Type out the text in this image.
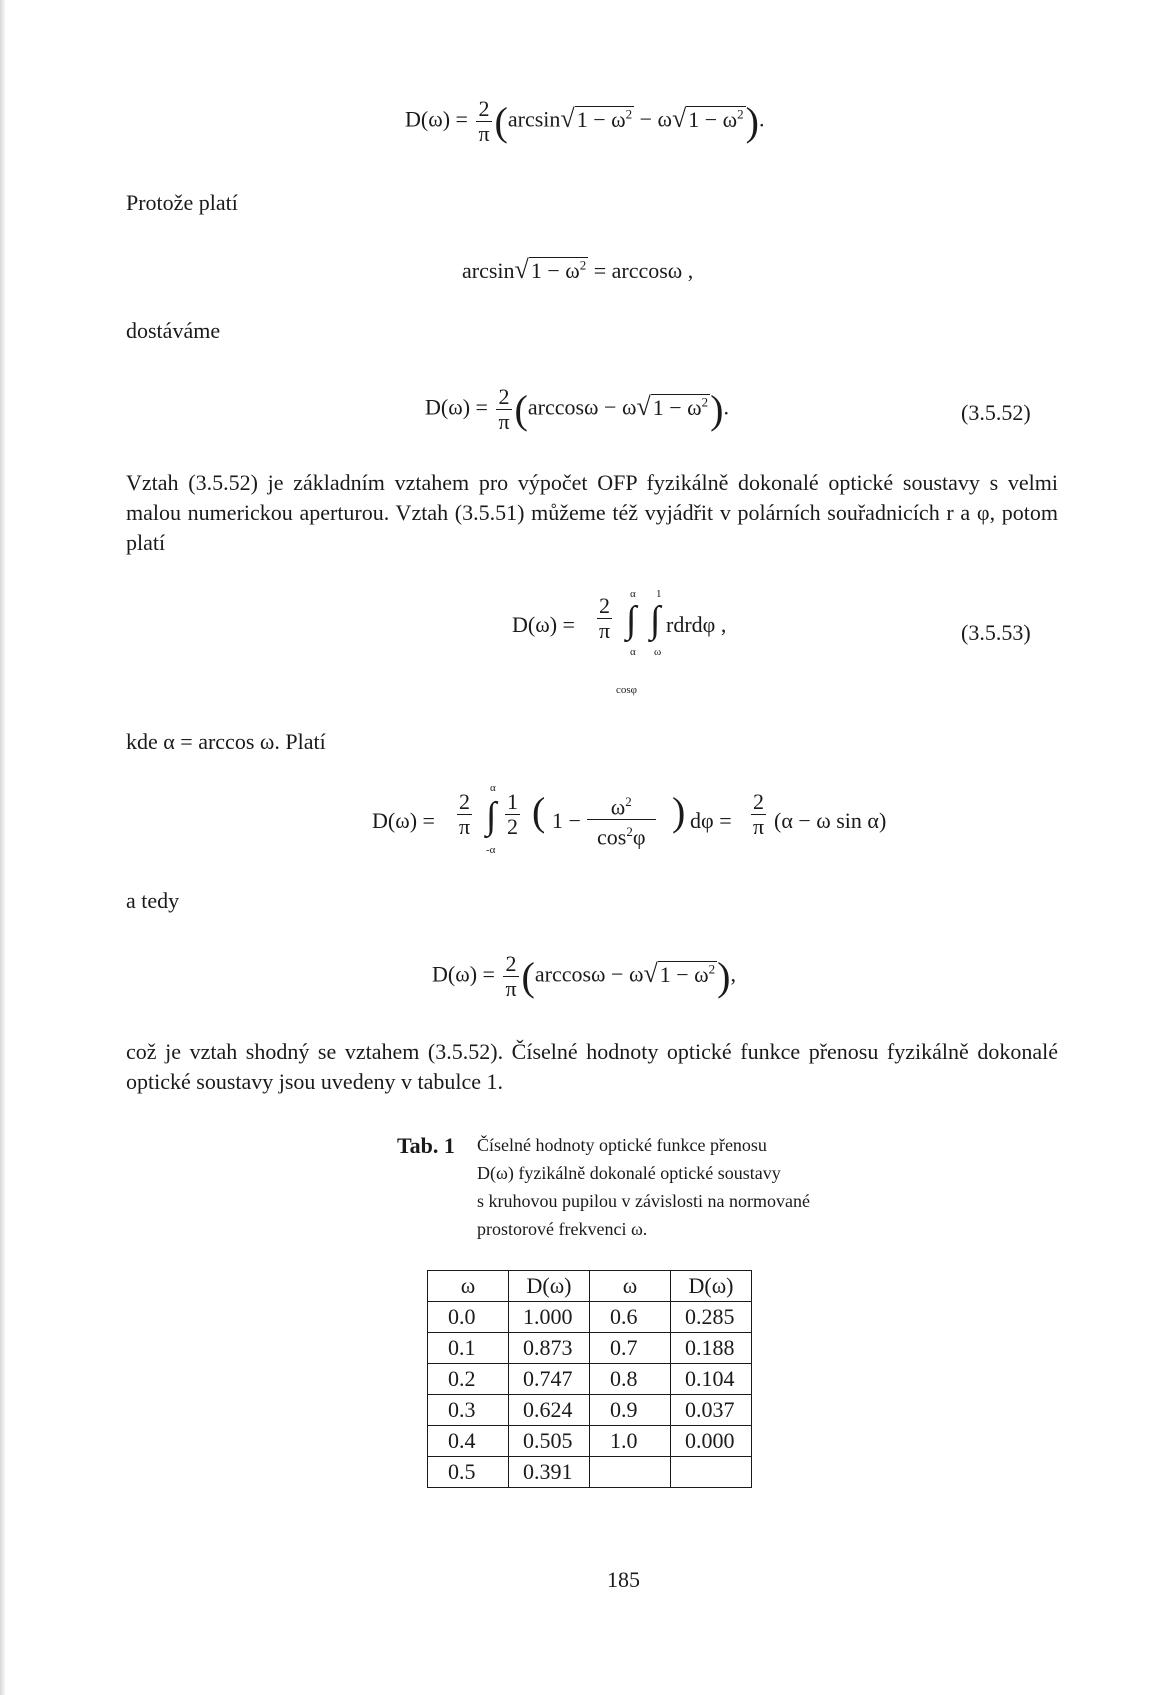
$D(\omega) = \frac{2}{\pi} (\arcsin√1 - \omega^2 - \omega√1 - \omega^2)$.
Protože platí
$\arcsin√1 - \omega^2 = \arccos\omega$ ,
dostáváme
$D(\omega) = \frac{2}{\pi} (\arccos\omega - \omega√1 - \omega^2)$.	(3.5.52)
Vztah (3.5.52) je základním vztahem pro výpočet OFP fyzikálně dokonalé optické soustavy s velmi malou numerickou aperturou. Vztah (3.5.51) můžeme též vyjádřit v polárních souřadnicích r a φ, potom platí
$D(\omega) = \frac{2}{\pi}$ ∫
α
α
∫
1
ω
cosφ
rdrdφ ,	(3.5.53)
kde α = arccos ω. Platí
$D(\omega) = \frac{2}{\pi}$ ∫
α
-α
$\frac{1}{2}$ ( $1 - \frac{\omega^2}{\cos^2\varphi}$ ) $d\varphi = \frac{2}{\pi} (\alpha - \omega$ sin α)
a tedy
$D(\omega) = \frac{2}{\pi} (\arccos\omega - \omega√1 - \omega^2)$,
což je vztah shodný se vztahem (3.5.52). Číselné hodnoty optické funkce přenosu fyzikálně dokonalé optické soustavy jsou uvedeny v tabulce 1.
Tab. 1 Číselné hodnoty optické funkce přenosu
D(ω) fyzikálně dokonalé optické soustavy
s kruhovou pupilou v závislosti na normované
prostorové frekvenci ω.
ω	D(ω)	ω	D(ω)
0.0	1.000	0.6	0.285
0.1	0.873	0.7	0.188
0.2	0.747	0.8	0.104
0.3	0.624	0.9	0.037
0.4	0.505	1.0	0.000
0.5	0.391		
185
